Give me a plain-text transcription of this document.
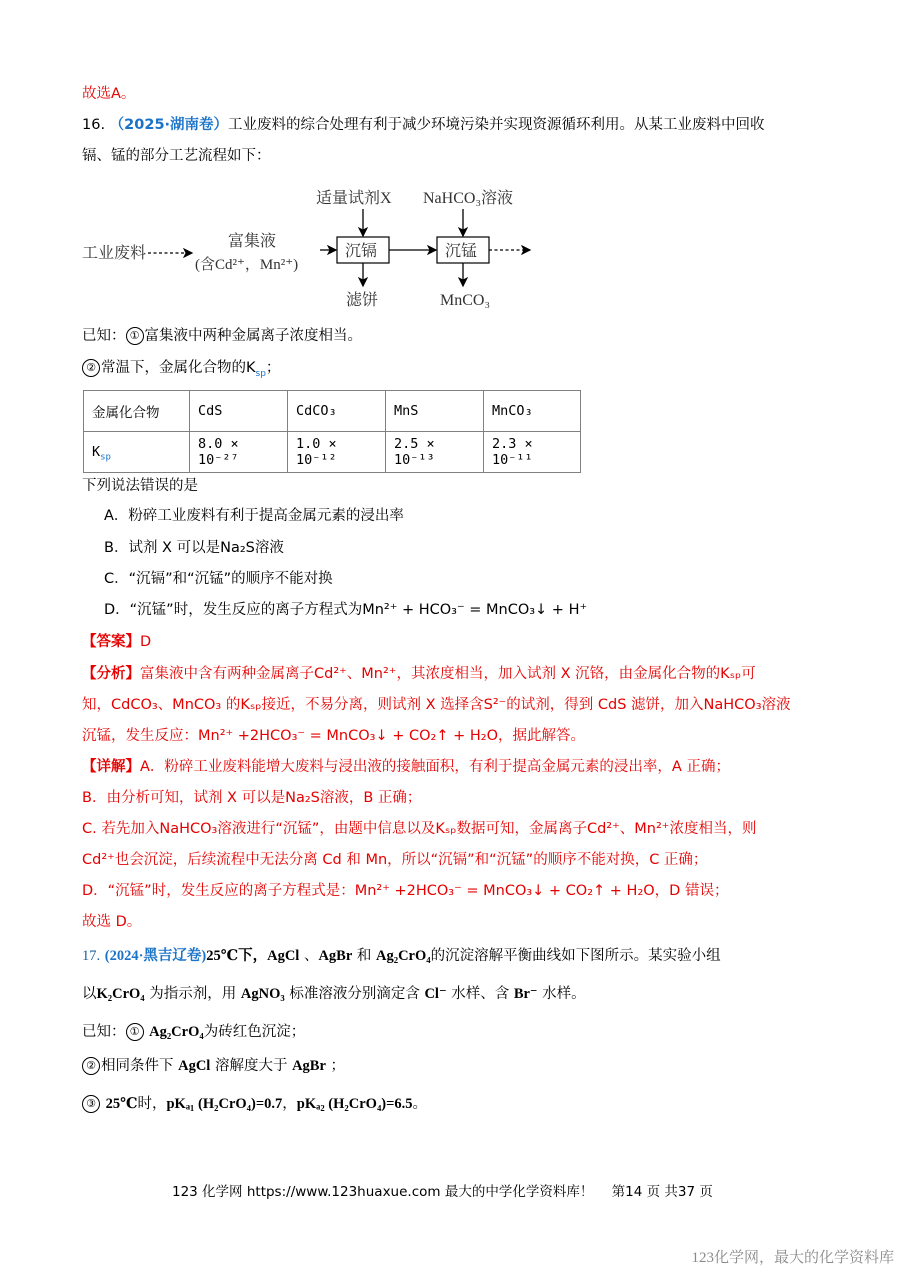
故选A。
16. （2025·湖南卷）工业废料的综合处理有利于减少环境污染并实现资源循环利用。从某工业废料中回收
镉、锰的部分工艺流程如下：
工业废料
富集液
(含Cd²⁺，Mn²⁺)
沉镉
适量试剂X
滤饼
沉锰
NaHCO₃溶液
MnCO₃
已知： ① 富集液中两种金属离子浓度相当。
② 常温下，金属化合物的$K_{sp}$；
金属化合物	CdS	CdCO₃	MnS	MnCO₃
$K_{sp}$	8.0 × 10⁻²⁷	1.0 × 10⁻¹²	2.5 × 10⁻¹³	2.3 × 10⁻¹¹
下列说法错误的是
A．粉碎工业废料有利于提高金属元素的浸出率
B．试剂 X 可以是Na₂S溶液
C．“沉镉”和“沉锰”的顺序不能对换
D．“沉锰”时，发生反应的离子方程式为Mn²⁺ + HCO₃⁻ = MnCO₃↓ + H⁺
【答案】D
【分析】富集液中含有两种金属离子Cd²⁺、Mn²⁺，其浓度相当，加入试剂 X 沉铬，由金属化合物的Kₛₚ可
知，CdCO₃、MnCO₃ 的Kₛₚ接近，不易分离，则试剂 X 选择含S²⁻的试剂，得到 CdS 滤饼，加入NaHCO₃溶液
沉锰，发生反应：Mn²⁺ +2HCO₃⁻ = MnCO₃↓ + CO₂↑ + H₂O，据此解答。
【详解】A．粉碎工业废料能增大废料与浸出液的接触面积，有利于提高金属元素的浸出率，A 正确；
B．由分析可知，试剂 X 可以是Na₂S溶液，B 正确；
C. 若先加入NaHCO₃溶液进行“沉锰”，由题中信息以及Kₛₚ数据可知，金属离子Cd²⁺、Mn²⁺浓度相当，则
Cd²⁺也会沉淀，后续流程中无法分离 Cd 和 Mn，所以“沉镉”和“沉锰”的顺序不能对换，C 正确；
D．“沉锰”时，发生反应的离子方程式是：Mn²⁺ +2HCO₃⁻ = MnCO₃↓ + CO₂↑ + H₂O，D 错误；
故选 D。
17. (2024·黑吉辽卷)25℃下，AgCl 、AgBr 和 Ag₂CrO₄的沉淀溶解平衡曲线如下图所示。某实验小组
以K₂CrO₄ 为指示剂，用 AgNO₃ 标准溶液分别滴定含 Cl⁻ 水样、含 Br⁻ 水样。
已知： ① Ag₂CrO₄为砖红色沉淀；
② 相同条件下 AgCl 溶解度大于 AgBr ；
③ 25℃时，pKₐ₁ (H₂CrO₄)=0.7，pKₐ₂ (H₂CrO₄)=6.5。
123 化学网 https://www.123huaxue.com 最大的中学化学资料库！ 第14 页 共37 页
123化学网，最大的化学资料库
